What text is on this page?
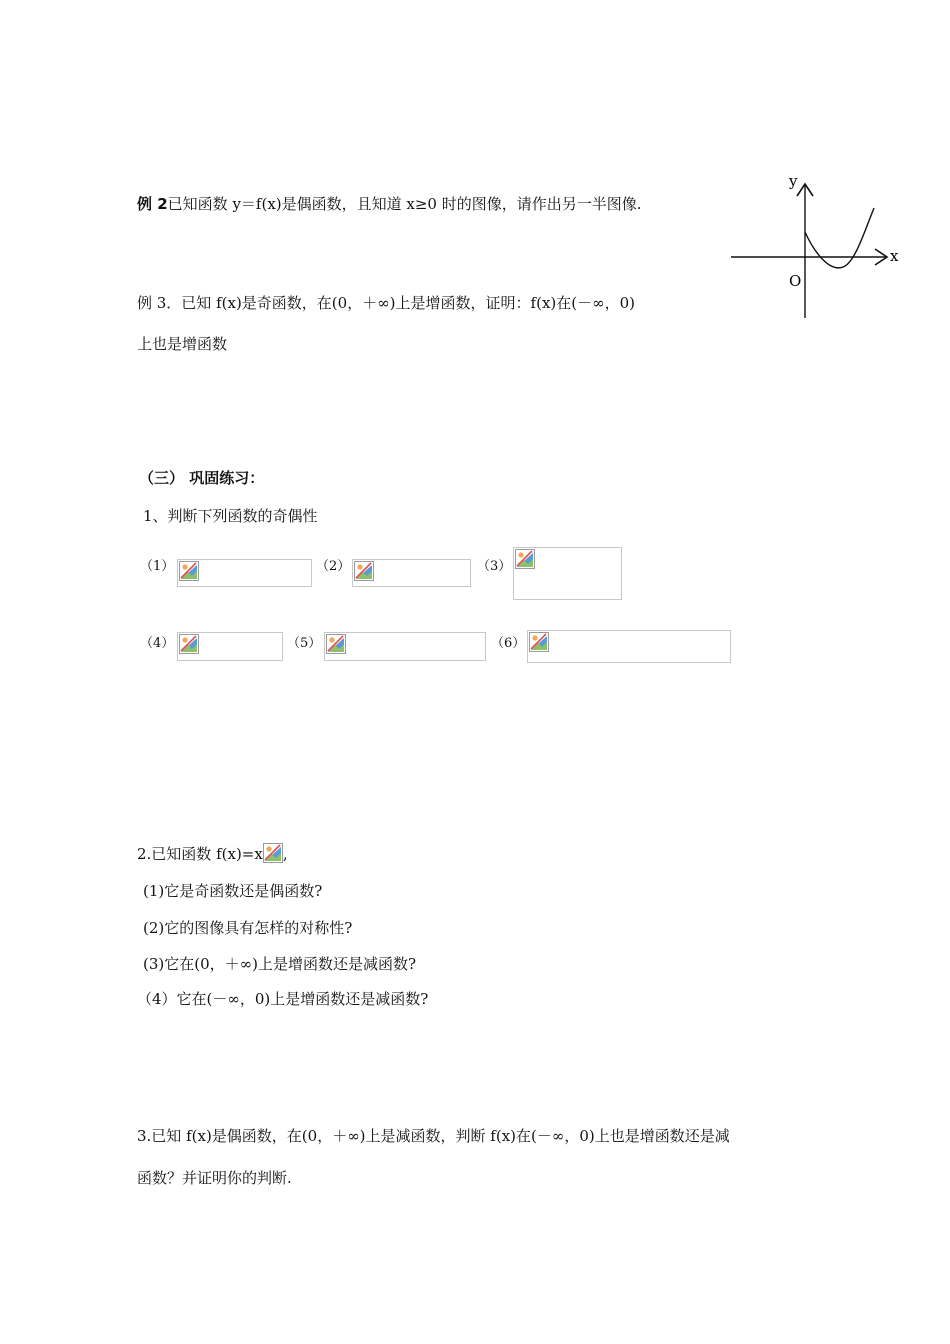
例 2已知函数 y＝f(x)是偶函数，且知道 x≥0 时的图像，请作出另一半图像.
y
x
O
例 3．已知 f(x)是奇函数，在(0，＋∞)上是增函数，证明：f(x)在(－∞，0)
上也是增函数
（三） 巩固练习：
1、判断下列函数的奇偶性
（1）	（2）	（3）
（4）	（5）	（6）
2.已知函数 f(x)=x ,
(1)它是奇函数还是偶函数?
(2)它的图像具有怎样的对称性?
(3)它在(0，＋∞)上是增函数还是减函数?
（4）它在(－∞，0)上是增函数还是减函数?
3.已知 f(x)是偶函数，在(0，＋∞)上是减函数，判断 f(x)在(－∞，0)上也是增函数还是减
函数？并证明你的判断.
